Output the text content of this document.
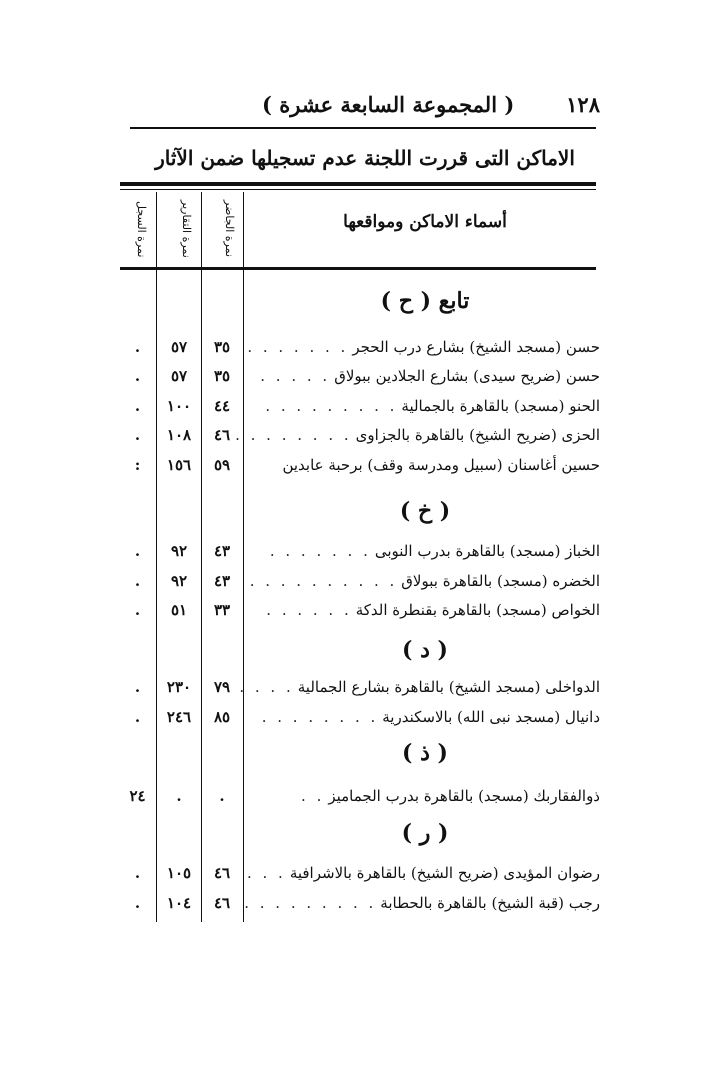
( المجموعة السابعة عشرة )	١٢٨
الاماكن التى قررت اللجنة عدم تسجيلها ضمن الآثار
نمرة الجاضر
نمرة التقارير
نمرة السجل	أسماء الاماكن ومواقعها
تابع ( ح )
حسن (مسجد الشيخ) بشارع درب الحجر. . . . . . .
٣٥
٥٧
.
حسن (ضريح سيدى) بشارع الجلادين ببولاق. . . . .
٣٥
٥٧
.
الحنو (مسجد) بالقاهرة بالجمالية. . . . . . . . .
٤٤
١٠٠
.
الحزى (ضريح الشيخ) بالقاهرة بالجزاوى. . . . . . . .
٤٦
١٠٨
.
حسين أغاسنان (سبيل ومدرسة وقف) برحبة عابدين
٥٩
١٥٦
:
( خ )
الخباز (مسجد) بالقاهرة بدرب النوبى. . . . . . .
٤٣
٩٢
.
الخضره (مسجد) بالقاهرة ببولاق. . . . . . . . . .
٤٣
٩٢
.
الخواص (مسجد) بالقاهرة بقنطرة الدكة. . . . . .
٣٣
٥١
.
( د )
الدواخلى (مسجد الشيخ) بالقاهرة بشارع الجمالية. . . .
٧٩
٢٣٠
.
دانيال (مسجد نبى الله) بالاسكندرية. . . . . . . .
٨٥
٢٤٦
.
( ذ )
ذوالفقاربك (مسجد) بالقاهرة بدرب الجماميز. .
.
.
٢٤
( ر )
رضوان المؤيدى (ضريح الشيخ) بالقاهرة بالاشرافية. . .
٤٦
١٠٥
.
رجب (قبة الشيخ) بالقاهرة بالحطابة. . . . . . . . .
٤٦
١٠٤
.
